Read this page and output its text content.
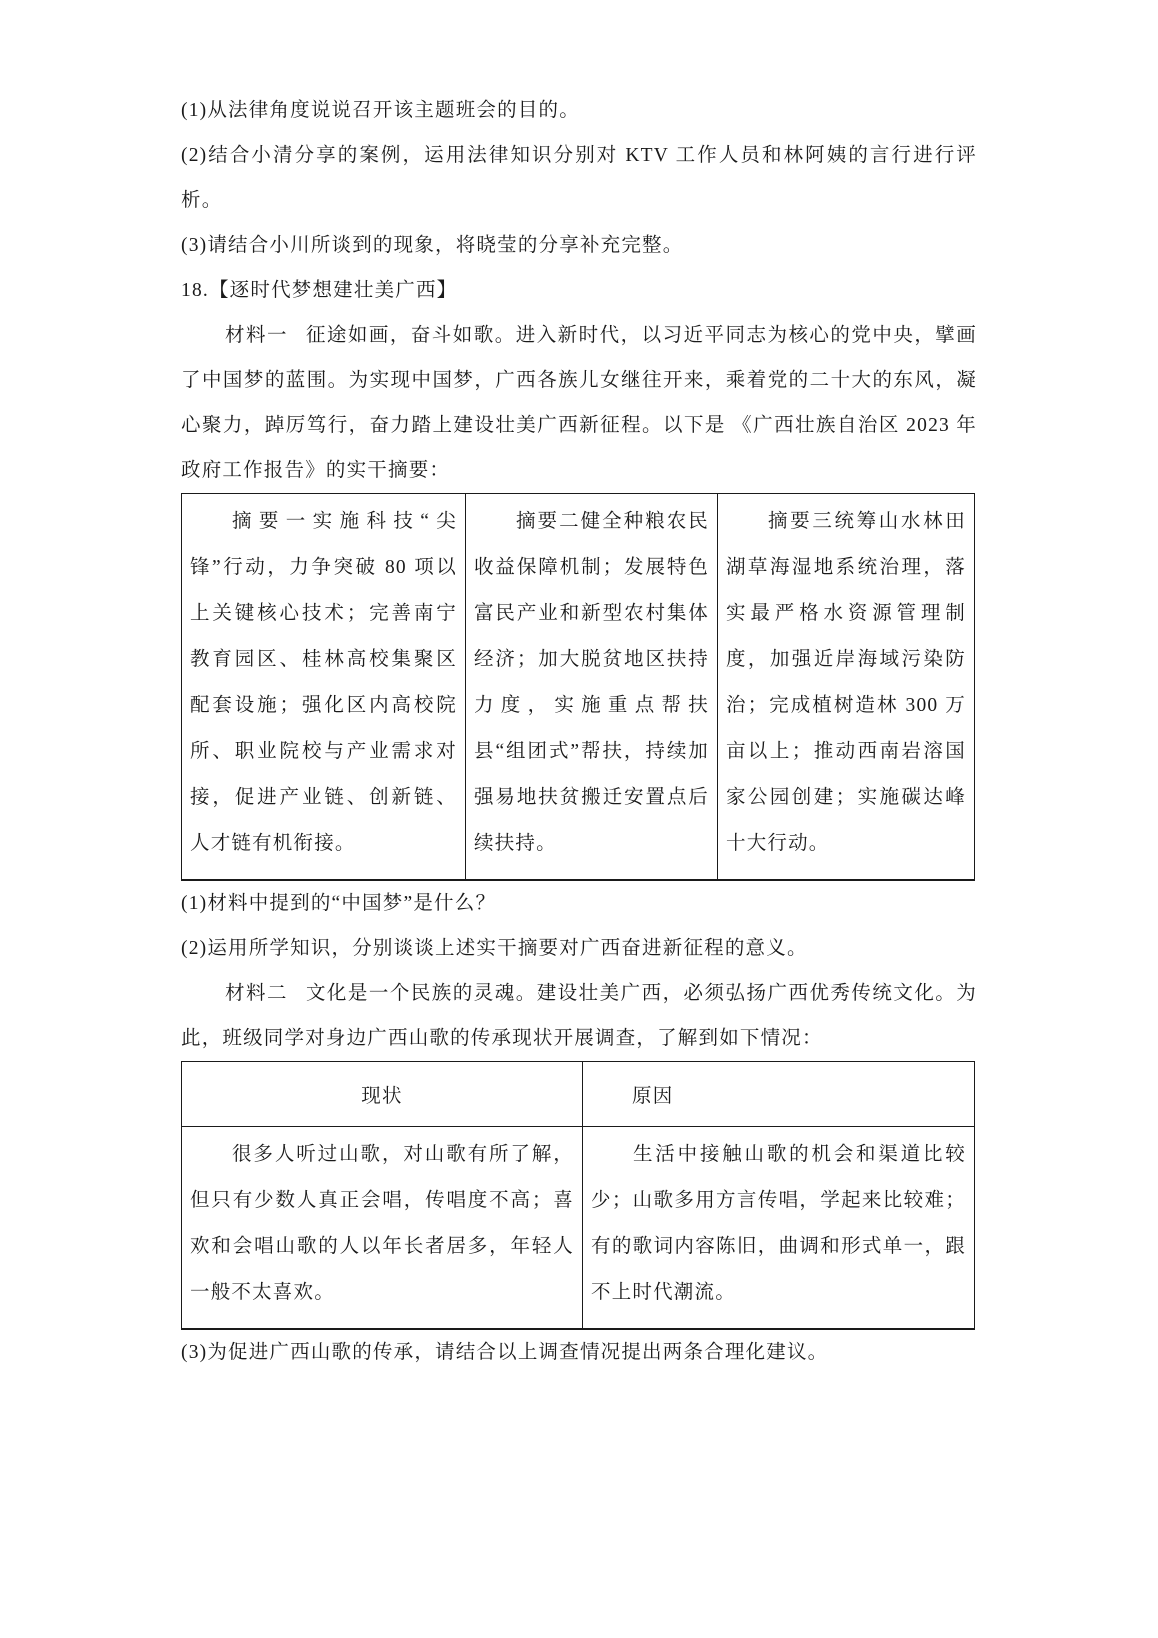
(1)从法律角度说说召开该主题班会的目的。

(2)结合小清分享的案例，运用法律知识分别对 KTV 工作人员和林阿姨的言行进行评析。

(3)请结合小川所谈到的现象，将晓莹的分享补充完整。

18.【逐时代梦想建壮美广西】

材料一 征途如画，奋斗如歌。进入新时代，以习近平同志为核心的党中央，擘画了中国梦的蓝围。为实现中国梦，广西各族儿女继往开来，乘着党的二十大的东风，凝心聚力，踔厉笃行，奋力踏上建设壮美广西新征程。以下是 《广西壮族自治区 2023 年政府工作报告》的实干摘要：

摘要一实施科技“尖锋”行动，力争突破 80 项以上关键核心技术；完善南宁教育园区、桂林高校集聚区配套设施；强化区内高校院所、职业院校与产业需求对接，促进产业链、创新链、人才链有机衔接。	摘要二健全种粮农民收益保障机制；发展特色富民产业和新型农村集体经济；加大脱贫地区扶持力度，实施重点帮扶县“组团式”帮扶，持续加强易地扶贫搬迁安置点后续扶持。	摘要三统筹山水林田湖草海湿地系统治理，落实最严格水资源管理制度，加强近岸海域污染防治；完成植树造林 300 万亩以上；推动西南岩溶国家公园创建；实施碳达峰十大行动。

(1)材料中提到的“中国梦”是什么？

(2)运用所学知识，分别谈谈上述实干摘要对广西奋进新征程的意义。

材料二 文化是一个民族的灵魂。建设壮美广西，必须弘扬广西优秀传统文化。为此，班级同学对身边广西山歌的传承现状开展调查，了解到如下情况：

现状	原因
很多人听过山歌，对山歌有所了解，但只有少数人真正会唱，传唱度不高；喜欢和会唱山歌的人以年长者居多，年轻人一般不太喜欢。	生活中接触山歌的机会和渠道比较少；山歌多用方言传唱，学起来比较难；有的歌词内容陈旧，曲调和形式单一，跟不上时代潮流。

(3)为促进广西山歌的传承，请结合以上调查情况提出两条合理化建议。
